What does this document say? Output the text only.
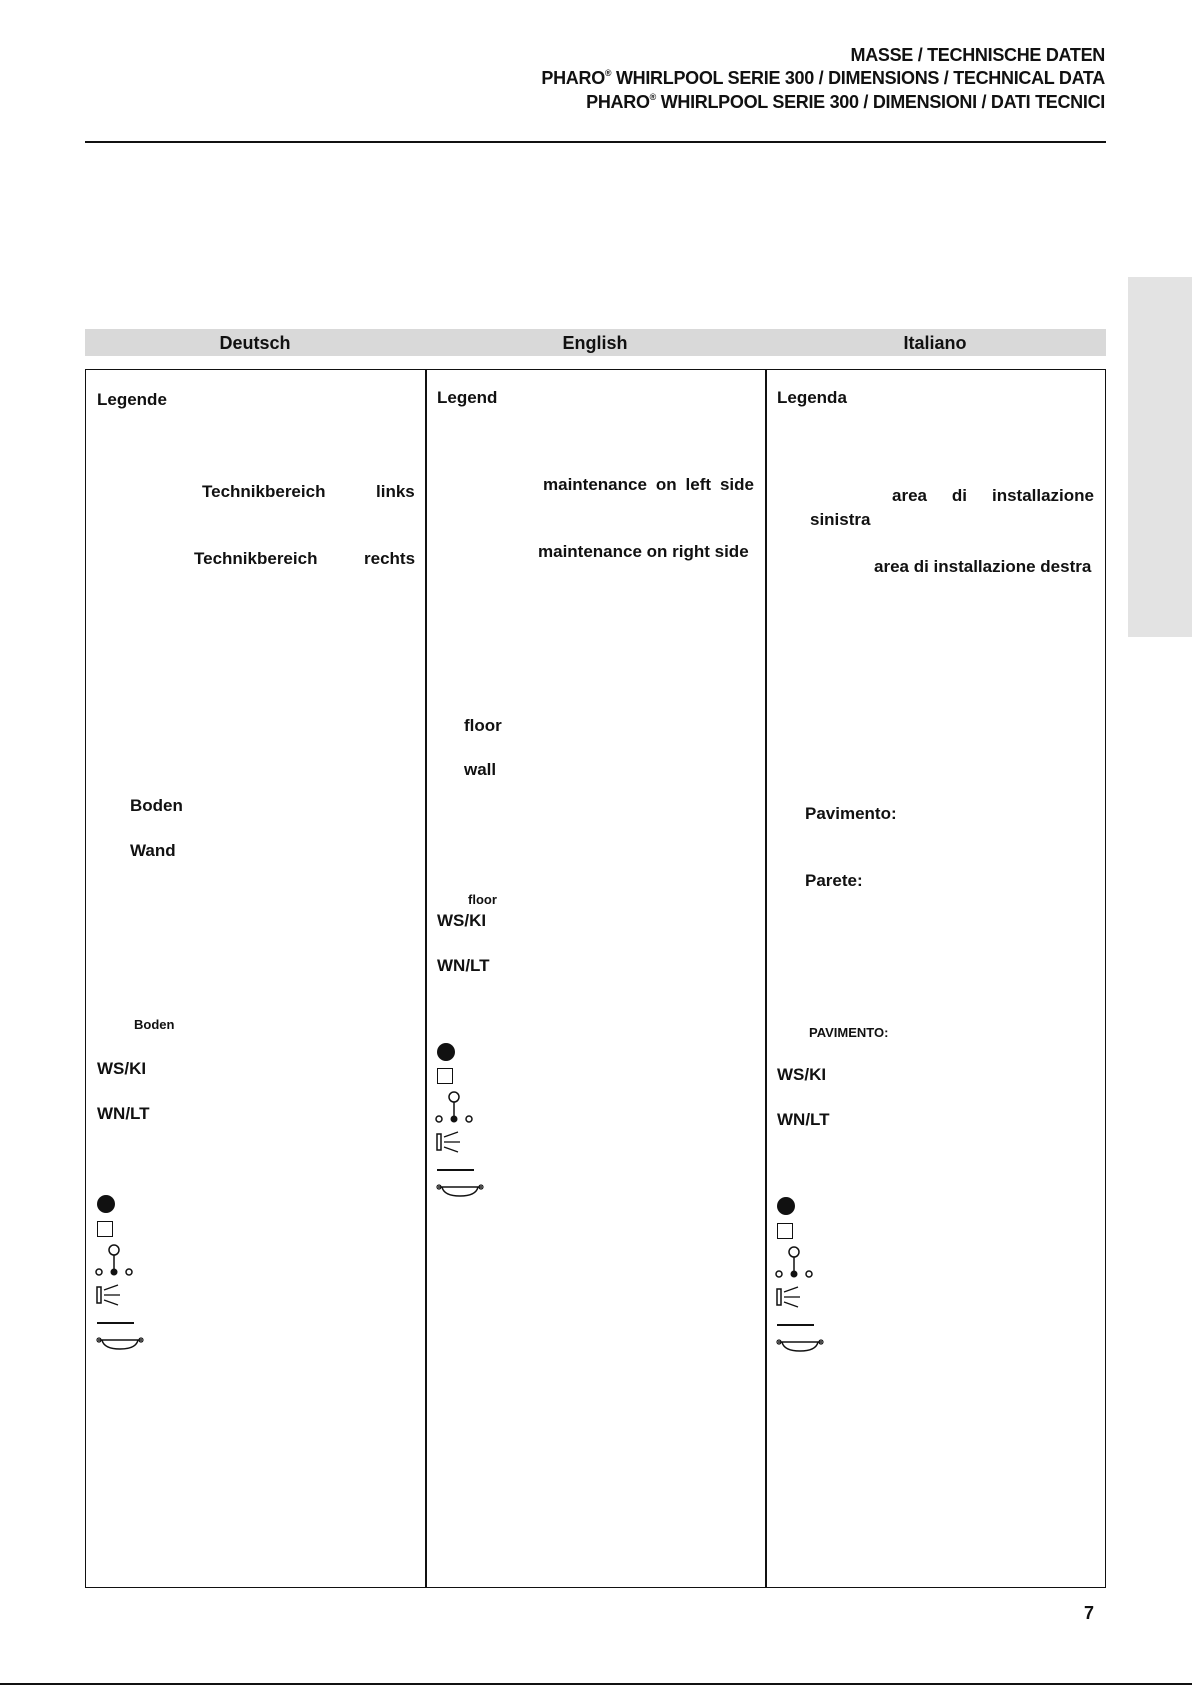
MASSE / TECHNISCHE DATEN
PHARO® WHIRLPOOL SERIE 300 / DIMENSIONS / TECHNICAL DATA
PHARO® WHIRLPOOL SERIE 300 / DIMENSIONI / DATI TECNICI
Deutsch	English	Italiano
Legende
Technikbereich	links
Technikbereich	rechts
Boden
Wand
Boden
WS/KI
WN/LT
Legend
maintenance on left side
maintenance on right side
floor
wall
floor
WS/KI
WN/LT
Legenda
area di installazione
sinistra
area di installazione destra
Pavimento:
Parete:
PAVIMENTO:
WS/KI
WN/LT
7
